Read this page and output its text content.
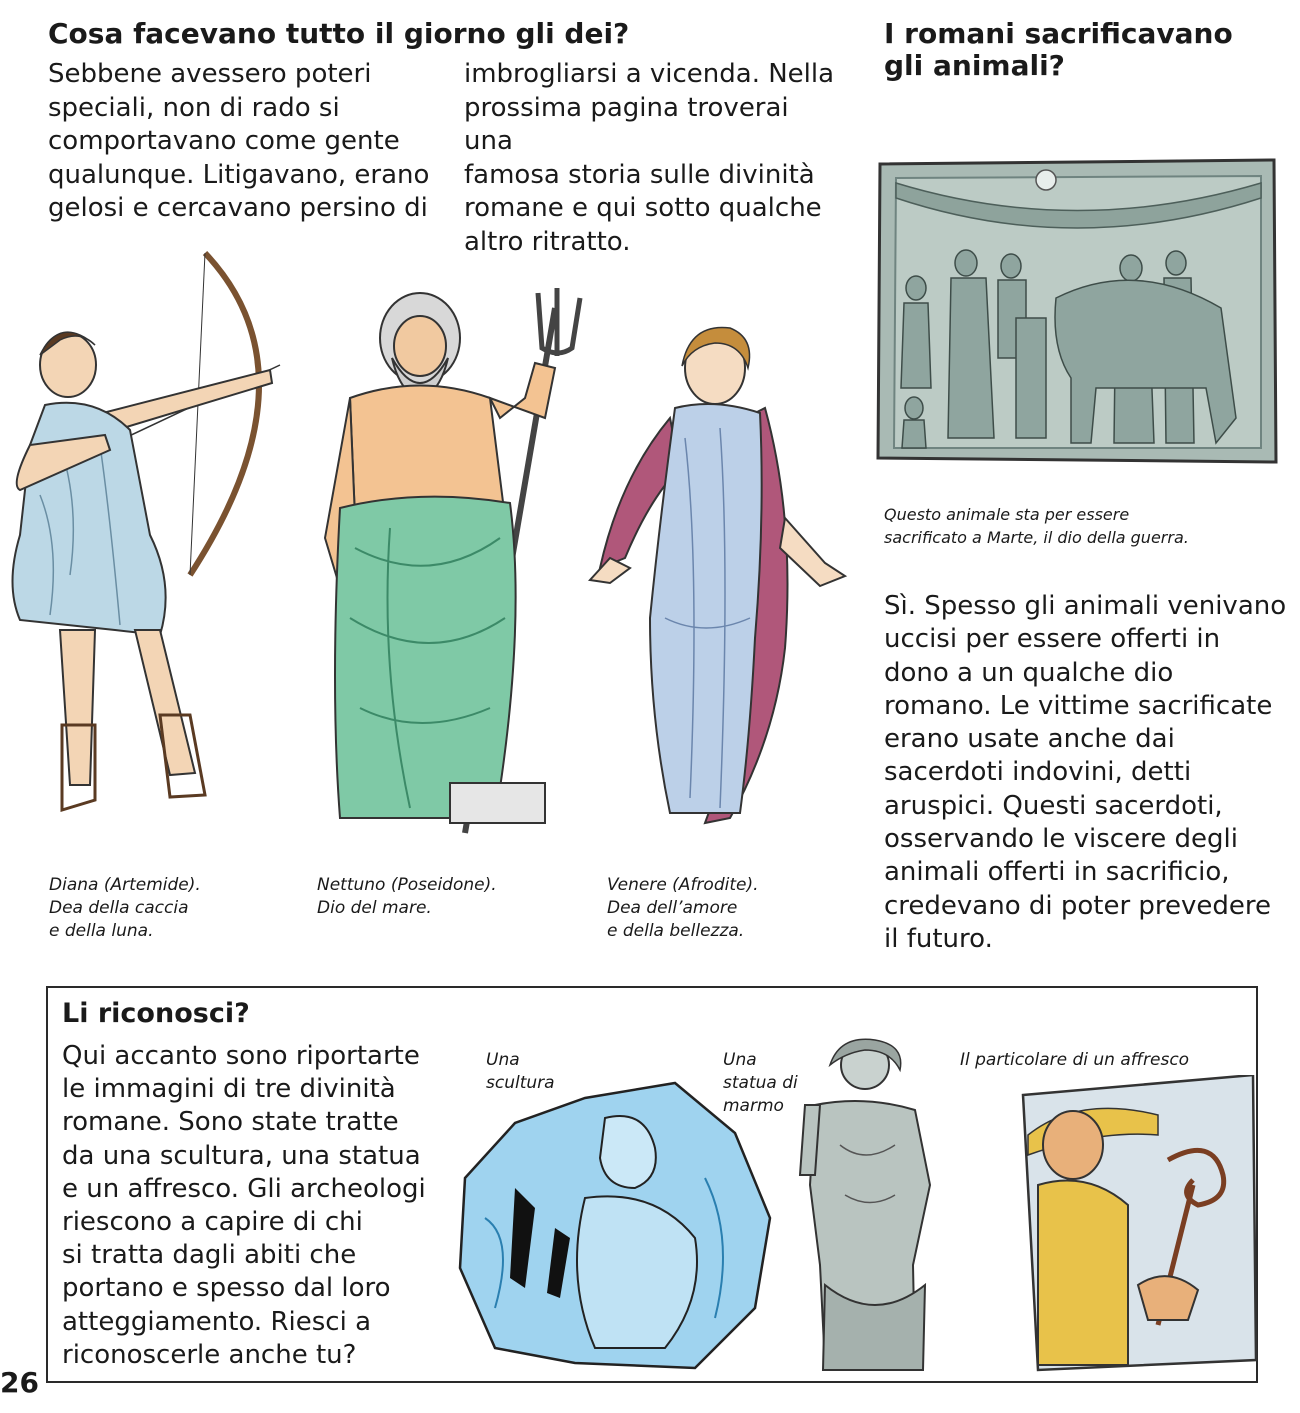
Cosa facevano tutto il giorno gli dei?

Sebbene avessero poteri
speciali, non di rado si
comportavano come gente
qualunque. Litigavano, erano
gelosi e cercavano persino di

imbrogliarsi a vicenda. Nella
prossima pagina troverai una
famosa storia sulle divinità
romane e qui sotto qualche
altro ritratto.

Diana (Artemide).
Dea della caccia
e della luna.

Nettuno (Poseidone).
Dio del mare.

Venere (Afrodite).
Dea dell’amore
e della bellezza.

I romani sacrificavano
gli animali?

Questo animale sta per essere
sacrificato a Marte, il dio della guerra.

Sì. Spesso gli animali venivano
uccisi per essere offerti in
dono a un qualche dio
romano. Le vittime sacrificate
erano usate anche dai
sacerdoti indovini, detti
aruspici. Questi sacerdoti,
osservando le viscere degli
animali offerti in sacrificio,
credevano di poter prevedere
il futuro.

Li riconosci?

Qui accanto sono riportarte
le immagini di tre divinità
romane. Sono state tratte
da una scultura, una statua
e un affresco. Gli archeologi
riescono a capire di chi
si tratta dagli abiti che
portano e spesso dal loro
atteggiamento. Riesci a
riconoscerle anche tu?

Una
scultura

Una
statua di
marmo

Il particolare di un affresco

26
